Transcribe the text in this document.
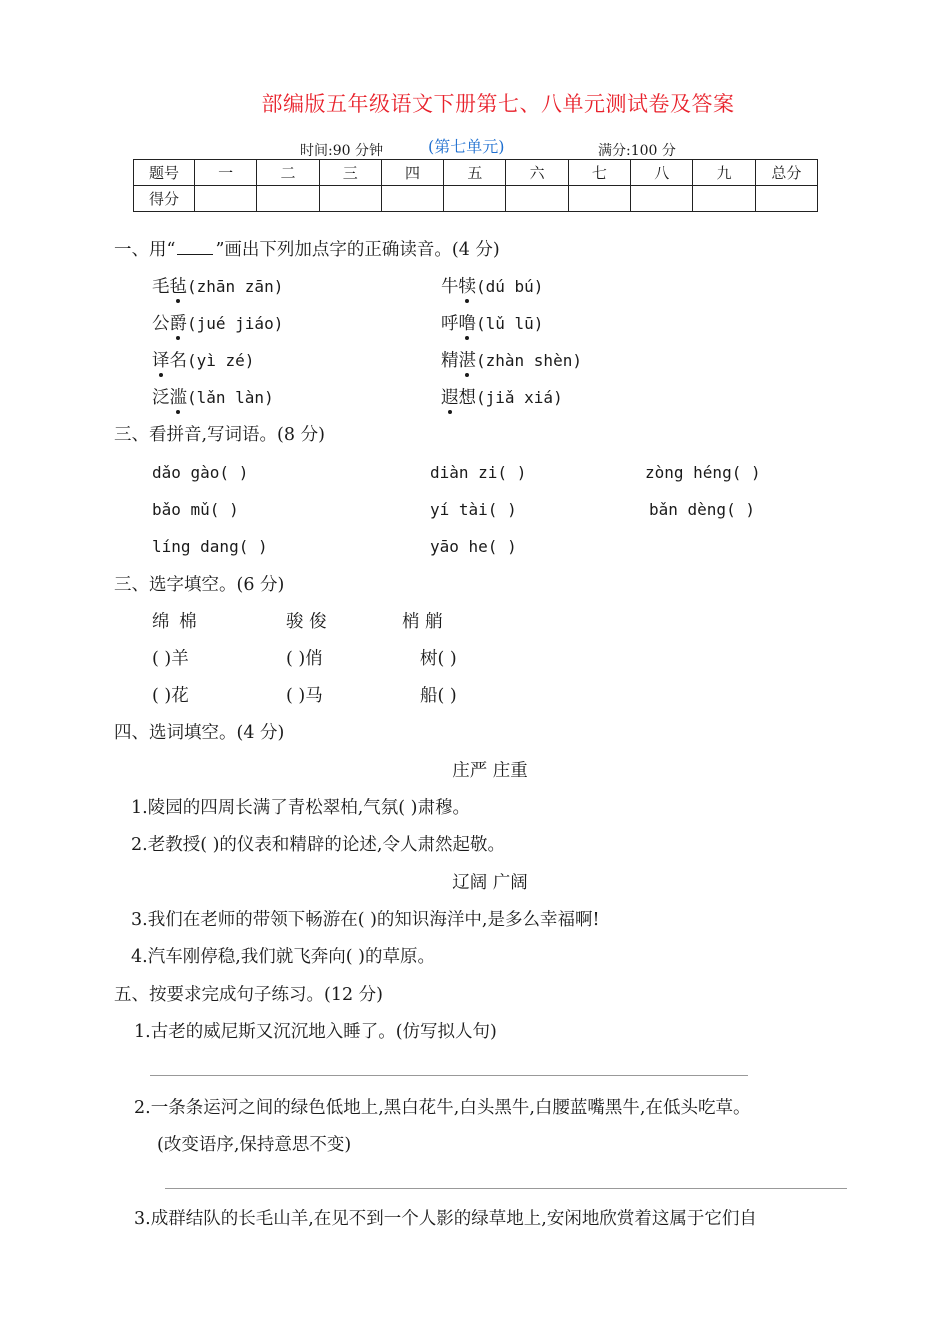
部编版五年级语文下册第七、八单元测试卷及答案
时间:90 分钟	(第七单元)	满分:100 分
题号	一	二	三	四	五	六	七	八	九	总分
得分										
一、用“ ”画出下列加点字的正确读音。(4 分)
毛毡(zhān zān)	牛犊(dú bú)
公爵(jué jiáo)	呼噜(lǔ lū)
译名(yì zé)	精湛(zhàn shèn)
泛滥(lǎn làn)	遐想(jiǎ xiá)
三、看拼音,写词语。(8 分)
dǎo gào( )	diàn zi( )	zòng héng( )
bǎo mǔ( )	yí tài( )	bǎn dèng( )
líng dang( )	yāo he( )
三、选字填空。(6 分)
绵 棉	骏 俊	梢 艄
( )羊	( )俏	树( )
( )花	( )马	船( )
四、选词填空。(4 分)
庄严 庄重
1.陵园的四周长满了青松翠柏,气氛( )肃穆。
2.老教授( )的仪表和精辟的论述,令人肃然起敬。
辽阔 广阔
3.我们在老师的带领下畅游在( )的知识海洋中,是多么幸福啊!
4.汽车刚停稳,我们就飞奔向( )的草原。
五、按要求完成句子练习。(12 分)
1.古老的威尼斯又沉沉地入睡了。(仿写拟人句)
2.一条条运河之间的绿色低地上,黑白花牛,白头黑牛,白腰蓝嘴黑牛,在低头吃草。
(改变语序,保持意思不变)
3.成群结队的长毛山羊,在见不到一个人影的绿草地上,安闲地欣赏着这属于它们自
